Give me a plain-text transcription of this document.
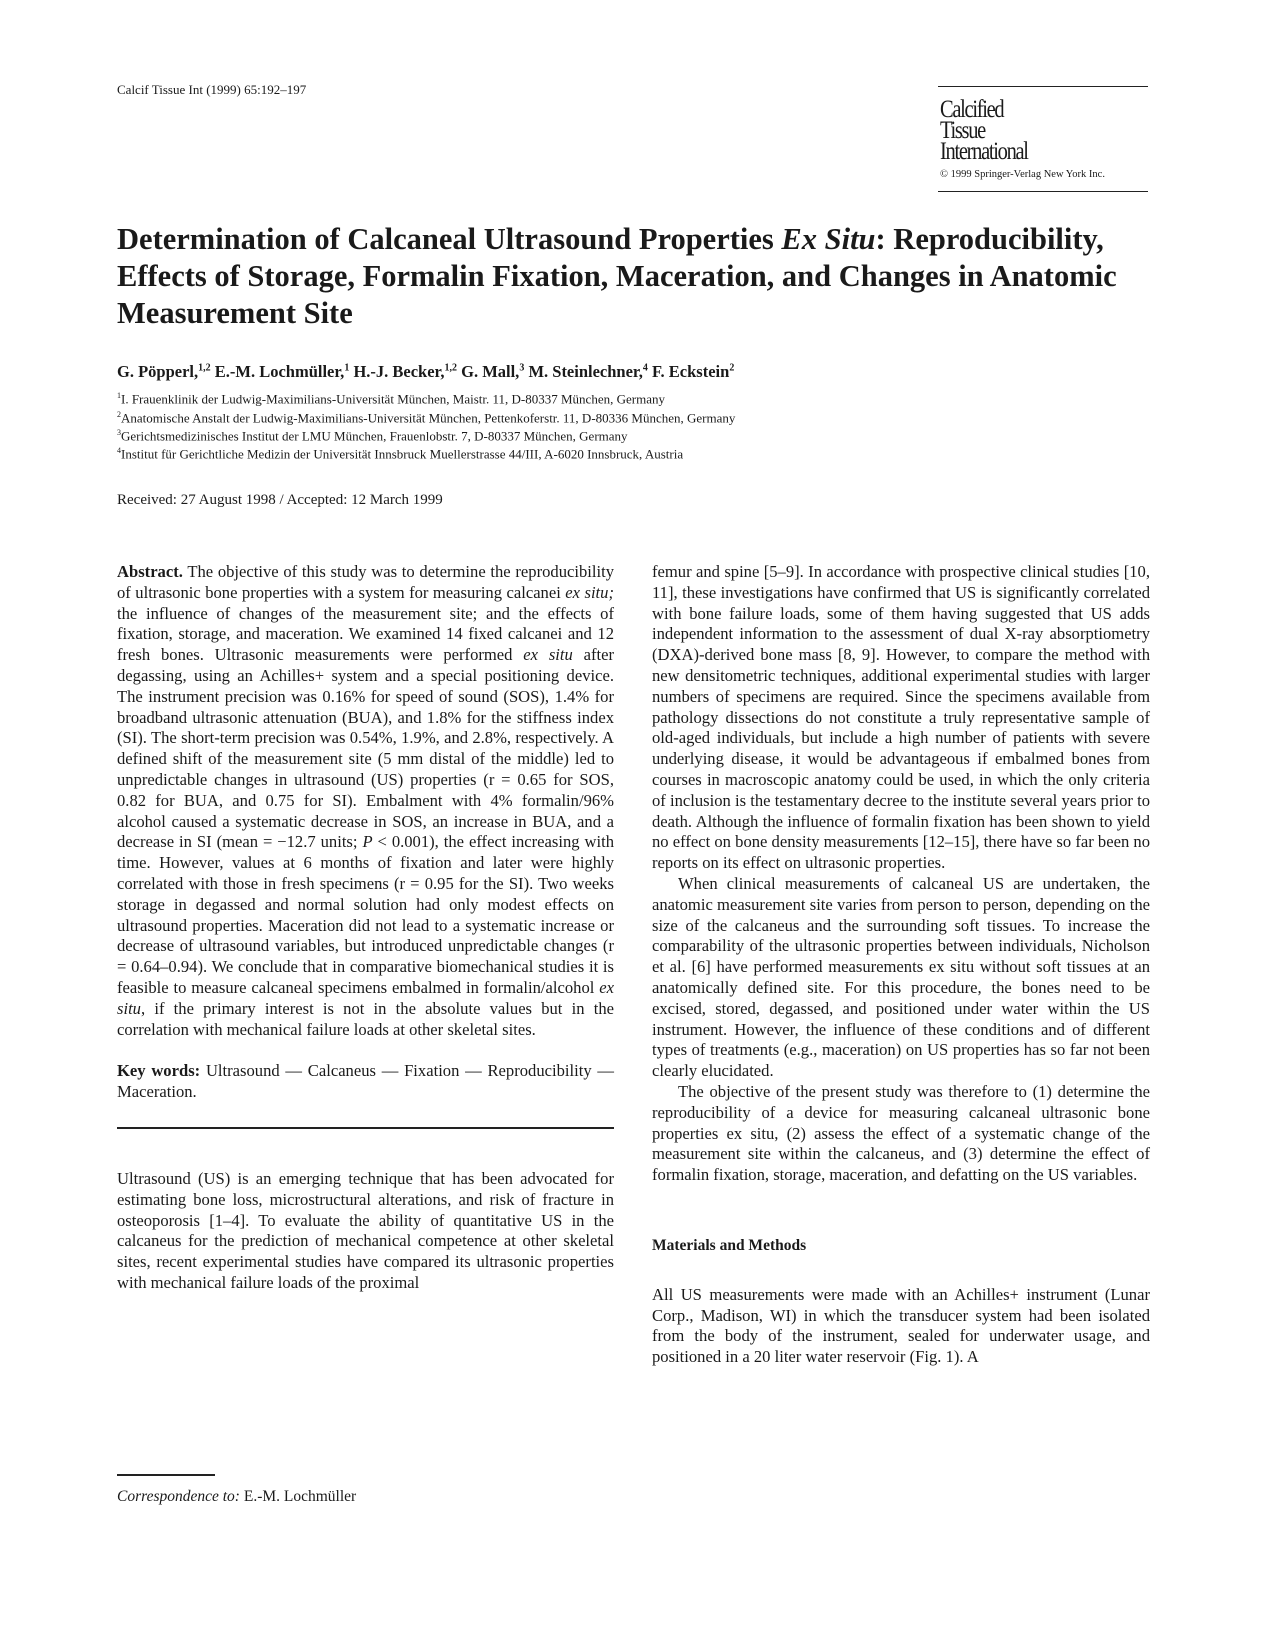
Calcif Tissue Int (1999) 65:192–197
Calcified
Tissue
International
© 1999 Springer-Verlag New York Inc.
Determination of Calcaneal Ultrasound Properties Ex Situ: Reproducibility, Effects of Storage, Formalin Fixation, Maceration, and Changes in Anatomic Measurement Site
G. Pöpperl,$^{1,2}$ E.-M. Lochmüller,$^1$ H.-J. Becker,$^{1,2}$ G. Mall,$^3$ M. Steinlechner,$^4$ F. Eckstein$^2$
$^1$I. Frauenklinik der Ludwig-Maximilians-Universität München, Maistr. 11, D-80337 München, Germany
$^2$Anatomische Anstalt der Ludwig-Maximilians-Universität München, Pettenkoferstr. 11, D-80336 München, Germany
$^3$Gerichtsmedizinisches Institut der LMU München, Frauenlobstr. 7, D-80337 München, Germany
$^4$Institut für Gerichtliche Medizin der Universität Innsbruck Muellerstrasse 44/III, A-6020 Innsbruck, Austria
Received: 27 August 1998 / Accepted: 12 March 1999

Abstract. The objective of this study was to determine the reproducibility of ultrasonic bone properties with a system for measuring calcanei ex situ; the influence of changes of the measurement site; and the effects of fixation, storage, and maceration. We examined 14 fixed calcanei and 12 fresh bones. Ultrasonic measurements were performed ex situ after degassing, using an Achilles+ system and a special positioning device. The instrument precision was 0.16% for speed of sound (SOS), 1.4% for broadband ultrasonic attenuation (BUA), and 1.8% for the stiffness index (SI). The short-term precision was 0.54%, 1.9%, and 2.8%, respectively. A defined shift of the measurement site (5 mm distal of the middle) led to unpredictable changes in ultrasound (US) properties (r = 0.65 for SOS, 0.82 for BUA, and 0.75 for SI). Embalment with 4% formalin/96% alcohol caused a systematic decrease in SOS, an increase in BUA, and a decrease in SI (mean = −12.7 units; P < 0.001), the effect increasing with time. However, values at 6 months of fixation and later were highly correlated with those in fresh specimens (r = 0.95 for the SI). Two weeks storage in degassed and normal solution had only modest effects on ultrasound properties. Maceration did not lead to a systematic increase or decrease of ultrasound variables, but introduced unpredictable changes (r = 0.64–0.94). We conclude that in comparative biomechanical studies it is feasible to measure calcaneal specimens embalmed in formalin/alcohol ex situ, if the primary interest is not in the absolute values but in the correlation with mechanical failure loads at other skeletal sites.

Key words: Ultrasound — Calcaneus — Fixation — Reproducibility — Maceration.

Ultrasound (US) is an emerging technique that has been advocated for estimating bone loss, microstructural alterations, and risk of fracture in osteoporosis [1–4]. To evaluate the ability of quantitative US in the calcaneus for the prediction of mechanical competence at other skeletal sites, recent experimental studies have compared its ultrasonic properties with mechanical failure loads of the proximal

Correspondence to: E.-M. Lochmüller

femur and spine [5–9]. In accordance with prospective clinical studies [10, 11], these investigations have confirmed that US is significantly correlated with bone failure loads, some of them having suggested that US adds independent information to the assessment of dual X-ray absorptiometry (DXA)-derived bone mass [8, 9]. However, to compare the method with new densitometric techniques, additional experimental studies with larger numbers of specimens are required. Since the specimens available from pathology dissections do not constitute a truly representative sample of old-aged individuals, but include a high number of patients with severe underlying disease, it would be advantageous if embalmed bones from courses in macroscopic anatomy could be used, in which the only criteria of inclusion is the testamentary decree to the institute several years prior to death. Although the influence of formalin fixation has been shown to yield no effect on bone density measurements [12–15], there have so far been no reports on its effect on ultrasonic properties.

When clinical measurements of calcaneal US are undertaken, the anatomic measurement site varies from person to person, depending on the size of the calcaneus and the surrounding soft tissues. To increase the comparability of the ultrasonic properties between individuals, Nicholson et al. [6] have performed measurements ex situ without soft tissues at an anatomically defined site. For this procedure, the bones need to be excised, stored, degassed, and positioned under water within the US instrument. However, the influence of these conditions and of different types of treatments (e.g., maceration) on US properties has so far not been clearly elucidated.

The objective of the present study was therefore to (1) determine the reproducibility of a device for measuring calcaneal ultrasonic bone properties ex situ, (2) assess the effect of a systematic change of the measurement site within the calcaneus, and (3) determine the effect of formalin fixation, storage, maceration, and defatting on the US variables.

Materials and Methods

All US measurements were made with an Achilles+ instrument (Lunar Corp., Madison, WI) in which the transducer system had been isolated from the body of the instrument, sealed for underwater usage, and positioned in a 20 liter water reservoir (Fig. 1). A
